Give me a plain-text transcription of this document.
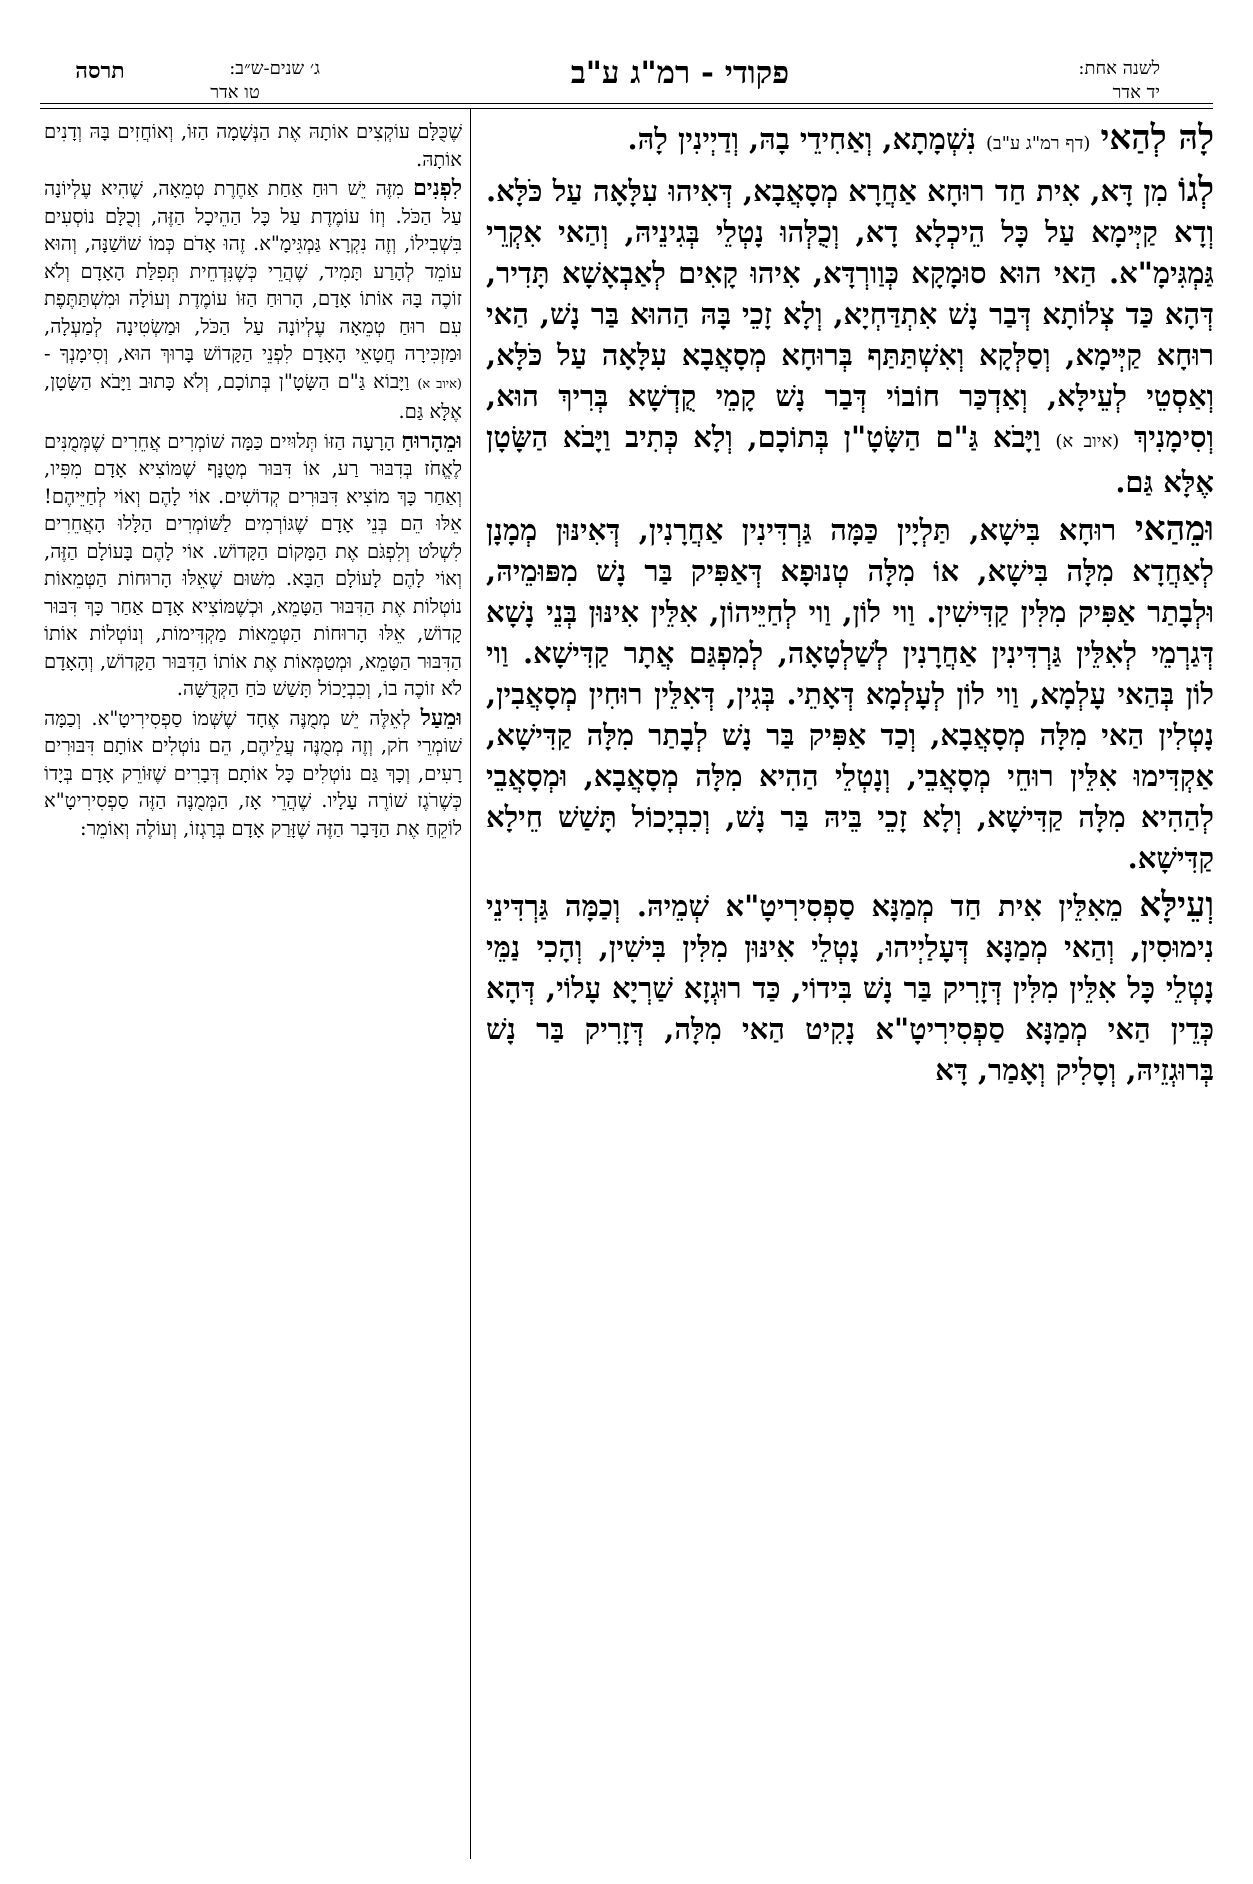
תרסה	ג׳ שנים-ש״ב:
טו אדר
פקודי - רמ"ג ע"ב	לשנה אחת:
יד אדר

לָהּ לְהַאי (דף רמ"ג ע"ב) נִשְׁמָתָא, וְאַחִידֵי בָהּ, וְדַיְינִין לָהּ.

לְגוֹ מִן דָּא, אִית חַד רוּחָא אַחֲרָא מְסָאֲבָא, דְּאִיהוּ עִלָּאָה עַל כֹּלָּא. וְדָא קַיְּימָא עַל כָּל הֵיכְלָא דָא, וְכֻלְּהוּ נָטְלֵי בְּגִינֵיהּ, וְהַאי אִקְרֵי גַּמְגִּימָ"א. הַאי הוּא סוּמָקָא כְּוַורְדָּא, אִיהוּ קָאִים לְאַבְאָשָׁא תָּדִיר, דְּהָא כַּד צְלוֹתָא דְּבַר נָשׁ אִתְדַּחְיָא, וְלָא זָכֵי בָּהּ הַהוּא בַּר נָשׁ, הַאי רוּחָא קַיְּימָא, וְסַלְּקָא וְאִשְׁתַּתַּף בְּרוּחָא מְסָאֲבָא עִלָּאָה עַל כֹּלָּא, וְאַסְטֵי לְעֵילָּא, וְאַדְכַּר חוֹבוֹי דְּבַר נָשׁ קָמֵי קֻדְשָׁא בְּרִיךְ הוּא, וְסִימָנִיךְ (איוב א) וַיָּבֹא גַּ"ם הַשָּׂטָ"ן בְּתוֹכָם, וְלָא כְּתִיב וַיָּבֹא הַשָּׂטָן אֶלָּא גַּם.

וּמֵהַאי רוּחָא בִּישָׁא, תַּלְיָין כַּמָּה גַּרְדִּינִין אַחֲרָנִין, דְּאִינּוּן מְמָנָן לְאַחֲדָא מִלָּה בִּישָׁא, אוֹ מִלָּה טְנוּפָא דְּאַפִּיק בַּר נָשׁ מִפּוּמֵיהּ, וּלְבָתַר אַפִּיק מִלִּין קַדִּישִׁין. וַוי לוֹן, וַוי לְחַיֵּיהוֹן, אִלֵּין אִינּוּן בְּנֵי נָשָׁא דְּגַרְמֵי לְאִלֵּין גַּרְדִּינִין אַחֲרָנִין לְשַׁלְטָאָה, לְמִפְגַּם אֲתָר קַדִּישָׁא. וַוי לוֹן בְּהַאי עָלְמָא, וַוי לוֹן לְעָלְמָא דְּאָתֵי. בְּגִין, דְּאִלֵּין רוּחִין מְסָאֲבִין, נָטְלִין הַאי מִלָּה מְסָאֲבָא, וְכַד אַפִּיק בַּר נָשׁ לְבָתַר מִלָּה קַדִּישָׁא, אַקְדִּימוּ אִלֵּין רוּחֵי מְסָאֲבֵי, וְנָטְלֵי הַהִיא מִלָּה מְסָאֲבָא, וּמְסָאֲבֵי לְהַהִיא מִלָּה קַדִּישָׁא, וְלָא זָכֵי בֵּיהּ בַּר נָשׁ, וְכִבְיָכוֹל תָּשַׁשׁ חֵילָא קַדִּישָׁא.

וְעֵילָּא מֵאִלֵּין אִית חַד מְמַנָּא סַפְסִירִיטָ"א שְׁמֵיהּ. וְכַמָּה גַּרְדִּינֵי נִימוּסִין, וְהַאי מְמַנָּא דְּעָלַיְיהוּ, נָטְלֵי אִינּוּן מִלִּין בִּישִׁין, וְהָכִי נַמֵּי נָטְלֵי כָּל אִלֵּין מִלִּין דְּזָרִיק בַּר נָשׁ בִּידוֹי, כַּד רוּגְזָא שַׁרְיָא עָלוֹי, דְּהָא כְּדֵין הַאי מְמַנָּא סַפְסִירִיטָ"א נָקִיט הַאי מִלָּה, דְּזָרִיק בַּר נָשׁ בְּרוּגְזֵיהּ, וְסָלִיק וְאָמַר, דָּא

שֶׁכֻּלָּם עוֹקְצִים אוֹתָהּ אֶת הַנְּשָׁמָה הַזּוֹ, וְאוֹחֲזִים בָּהּ וְדָנִים אוֹתָהּ.

לִפְנִים מִזֶּה יֵשׁ רוּחַ אַחַת אַחֶרֶת טְמֵאָה, שֶׁהִיא עֶלְיוֹנָה עַל הַכֹּל. וְזוֹ עוֹמֶדֶת עַל כָּל הַהֵיכָל הַזֶּה, וְכֻלָּם נוֹסְעִים בִּשְׁבִילוֹ, וְזֶה נִקְרָא גַּמְגִּימָ"א. זֶהוּ אָדֹם כְּמוֹ שׁוֹשַׁנָּה, וְהוּא עוֹמֵד לְהָרַע תָּמִיד, שֶׁהֲרֵי כְּשֶׁנִּדְחֵית תְּפִלַּת הָאָדָם וְלֹא זוֹכֶה בָּהּ אוֹתוֹ אָדָם, הָרוּחַ הַזּוֹ עוֹמֶדֶת וְעוֹלָה וּמִשְׁתַּתֶּפֶת עִם רוּחַ טְמֵאָה עֶלְיוֹנָה עַל הַכֹּל, וּמַשְׂטִינָה לְמַעְלָה, וּמַזְכִּירָה חֲטָאֵי הָאָדָם לִפְנֵי הַקָּדוֹשׁ בָּרוּךְ הוּא, וְסִימָנְךָ - (איוב א) וַיָּבוֹא גַּ"ם הַשָּׂטָ"ן בְּתוֹכָם, וְלֹא כָּתוּב וַיָּבֹא הַשָּׂטָן, אֶלָּא גַּם.

וּמֵהָרוּחַ הָרָעָה הַזּוֹ תְּלוּיִים כַּמָּה שׁוֹמְרִים אֲחֵרִים שֶׁמְּמֻנִּים לֶאֱחֹז בְּדִבּוּר רַע, אוֹ דִּבּוּר מְטֻנָּף שֶׁמּוֹצִיא אָדָם מִפִּיו, וְאַחַר כָּךְ מוֹצִיא דִּבּוּרִים קְדוֹשִׁים. אוֹי לָהֶם וְאוֹי לְחַיֵּיהֶם! אֵלּוּ הֵם בְּנֵי אָדָם שֶׁגּוֹרְמִים לַשּׁוֹמְרִים הַלָּלוּ הָאֲחֵרִים לִשְׁלֹט וְלִפְגֹּם אֶת הַמָּקוֹם הַקָּדוֹשׁ. אוֹי לָהֶם בָּעוֹלָם הַזֶּה, וְאוֹי לָהֶם לָעוֹלָם הַבָּא. מִשּׁוּם שֶׁאֵלּוּ הָרוּחוֹת הַטְּמֵאוֹת נוֹטְלוֹת אֶת הַדִּבּוּר הַטָּמֵא, וּכְשֶׁמּוֹצִיא אָדָם אַחַר כָּךְ דִּבּוּר קָדוֹשׁ, אֵלּוּ הָרוּחוֹת הַטְּמֵאוֹת מַקְדִּימוֹת, וְנוֹטְלוֹת אוֹתוֹ הַדִּבּוּר הַטָּמֵא, וּמְטַמְּאוֹת אֶת אוֹתוֹ הַדִּבּוּר הַקָּדוֹשׁ, וְהָאָדָם לֹא זוֹכֶה בוֹ, וְכִבְיָכוֹל תָּשַׁשׁ כֹּחַ הַקְּדֻשָּׁה.

וּמֵעַל לְאֵלֶּה יֵשׁ מְמֻנֶּה אֶחָד שֶׁשְּׁמוֹ סַפְסִירִיטָ"א. וְכַמָּה שׁוֹמְרֵי חֹק, וְזֶה מְמֻנֶּה עֲלֵיהֶם, הֵם נוֹטְלִים אוֹתָם דִּבּוּרִים רָעִים, וְכָךְ גַּם נוֹטְלִים כָּל אוֹתָם דְּבָרִים שֶׁזּוֹרֵק אָדָם בְּיָדוֹ כְּשֶׁרֹגֶז שׁוֹרֶה עָלָיו. שֶׁהֲרֵי אָז, הַמְּמֻנֶּה הַזֶּה סַפְסִירִיטָ"א לוֹקֵחַ אֶת הַדָּבָר הַזֶּה שֶׁזָּרַק אָדָם בְּרָגְזוֹ, וְעוֹלֶה וְאוֹמֵר:
